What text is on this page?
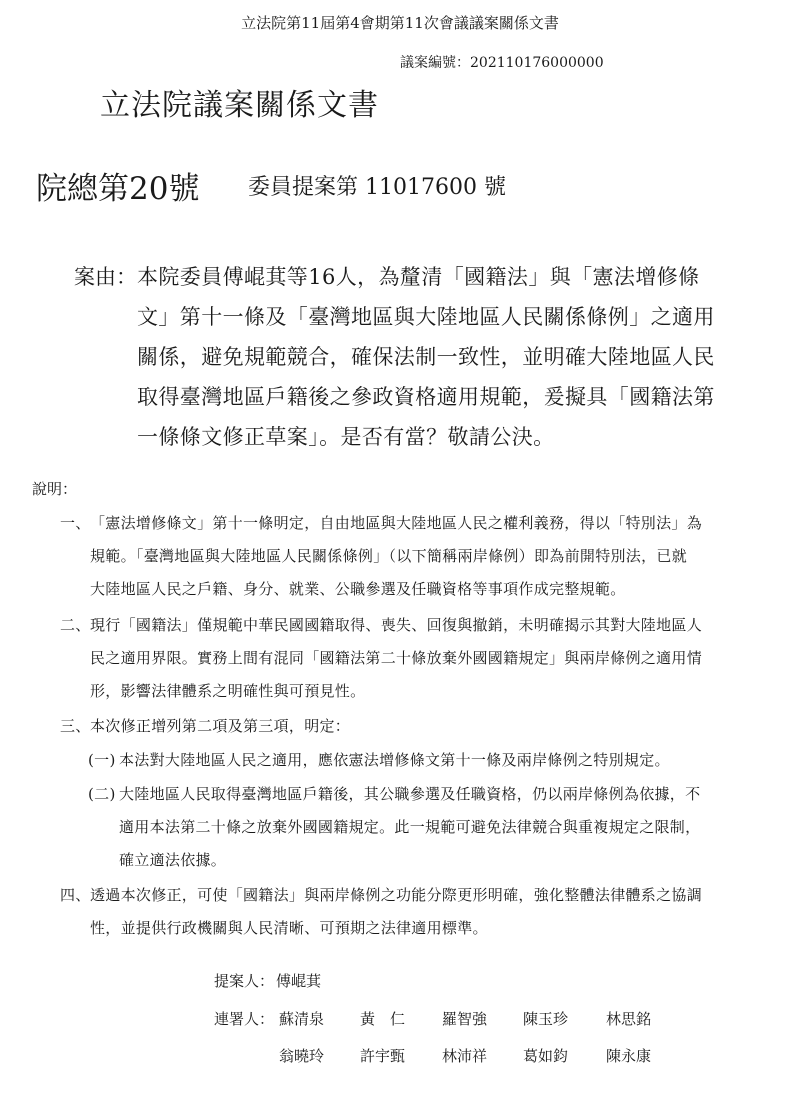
立法院第11屆第4會期第11次會議議案關係文書
議案編號：202110176000000
立法院議案關係文書
院總第20號 委員提案第 11017600 號
案由： 本院委員傅崐萁等16人，為釐清「國籍法」與「憲法增修條
文」第十一條及「臺灣地區與大陸地區人民關係條例」之適用
關係，避免規範競合，確保法制一致性，並明確大陸地區人民
取得臺灣地區戶籍後之參政資格適用規範，爰擬具「國籍法第
一條條文修正草案」。是否有當？敬請公決。
說明：
一、 「憲法增修條文」第十一條明定，自由地區與大陸地區人民之權利義務，得以「特別法」為
規範。「臺灣地區與大陸地區人民關係條例」（以下簡稱兩岸條例）即為前開特別法，已就
大陸地區人民之戶籍、身分、就業、公職參選及任職資格等事項作成完整規範。
二、 現行「國籍法」僅規範中華民國國籍取得、喪失、回復與撤銷，未明確揭示其對大陸地區人
民之適用界限。實務上間有混同「國籍法第二十條放棄外國國籍規定」與兩岸條例之適用情
形，影響法律體系之明確性與可預見性。
三、 本次修正增列第二項及第三項，明定：
(一) 本法對大陸地區人民之適用，應依憲法增修條文第十一條及兩岸條例之特別規定。
(二) 大陸地區人民取得臺灣地區戶籍後，其公職參選及任職資格，仍以兩岸條例為依據，不
適用本法第二十條之放棄外國國籍規定。此一規範可避免法律競合與重複規定之限制，
確立適法依據。
四、 透過本次修正，可使「國籍法」與兩岸條例之功能分際更形明確，強化整體法律體系之協調
性，並提供行政機關與人民清晰、可預期之法律適用標準。
提案人： 傅崐萁
連署人： 蘇清泉 黃　仁 羅智強 陳玉珍	林思銘
翁曉玲 許宇甄 林沛祥 葛如鈞	陳永康
